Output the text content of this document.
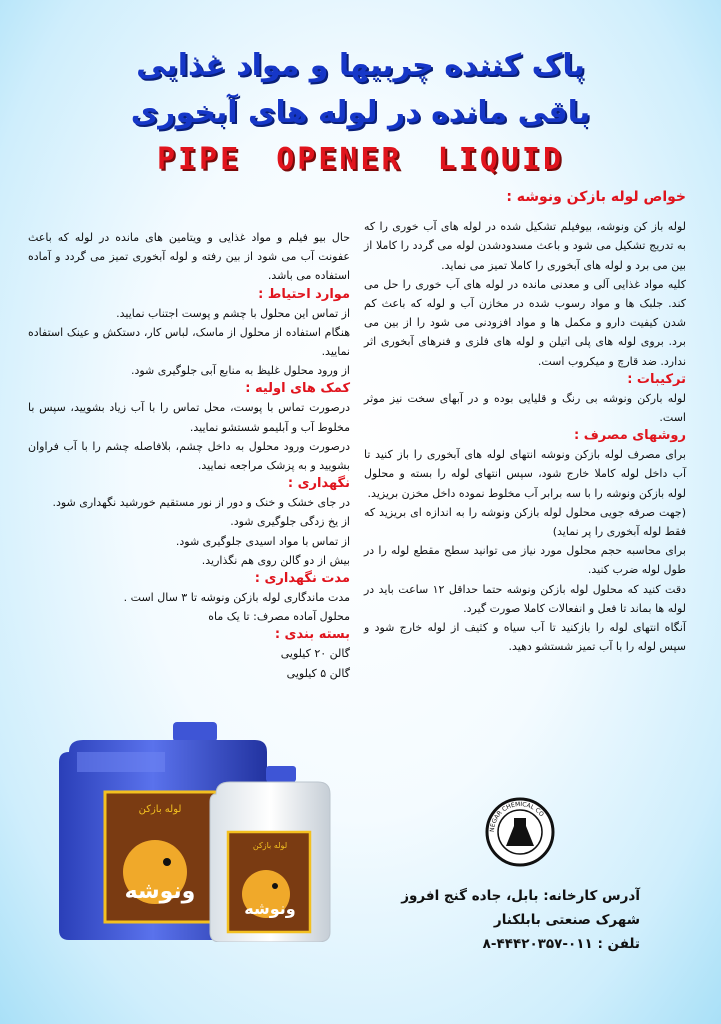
پاک کننده چربیها و مواد غذایی
باقی مانده در لوله های آبخوری
PIPE OPENER LIQUID
خواص لوله بازکن ونوشه :

لوله باز کن ونوشه، بیوفیلم تشکیل شده در لوله های آب خوری را که به تدریج تشکیل می شود و باعث مسدودشدن لوله می گردد را کاملا از بین می برد و لوله های آبخوری را کاملا تمیز می نماید.

کلیه مواد غذایی آلی و معدنی مانده در لوله های آب خوری را حل می کند. جلبک ها و مواد رسوب شده در مخازن آب و لوله که باعث کم شدن کیفیت دارو و مکمل ها و مواد افزودنی می شود را از بین می برد. بروی لوله های پلی اتیلن و لوله های فلزی و فنرهای آبخوری اثر ندارد. ضد قارچ و میکروب است.

ترکیبات :

لوله بارکن ونوشه بی رنگ و قلیایی بوده و در آبهای سخت نیز موثر است.

روشهای مصرف :

برای مصرف لوله بازکن ونوشه انتهای لوله های آبخوری را باز کنید تا آب داخل لوله کاملا خارج شود، سپس انتهای لوله را بسته و محلول لوله بازکن ونوشه را با سه برابر آب مخلوط نموده داخل مخزن بریزید.

(جهت صرفه جویی محلول لوله بازکن ونوشه را به اندازه ای بریزید که فقط لوله آبخوری را پر نماید)

برای محاسبه حجم محلول مورد نیاز می توانید سطح مقطع لوله را در طول لوله ضرب کنید.

دقت کنید که محلول لوله بازکن ونوشه حتما حداقل ۱۲ ساعت باید در لوله ها بماند تا فعل و انفعالات کاملا صورت گیرد.

آنگاه انتهای لوله را بازکنید تا آب سیاه و کثیف از لوله خارج شود و سپس لوله را با آب تمیز شستشو دهید.

حال بیو فیلم و مواد غذایی و ویتامین های مانده در لوله که باعث عفونت آب می شود از بین رفته و لوله آبخوری تمیز می گردد و آماده استفاده می باشد.

موارد احتیاط :

از تماس این محلول با چشم و پوست اجتناب نمایید.

هنگام استفاده از محلول از ماسک، لباس کار، دستکش و عینک استفاده نمایید.

از ورود محلول غلیظ به منابع آبی جلوگیری شود.

کمک های اولیه :

درصورت تماس با پوست، محل تماس را با آب زیاد بشویید، سپس با مخلوط آب و آبلیمو شستشو نمایید.

درصورت ورود محلول به داخل چشم، بلافاصله چشم را با آب فراوان بشویید و به پزشک مراجعه نمایید.

نگهداری :

در جای خشک و خنک و دور از نور مستقیم خورشید نگهداری شود.

از یخ زدگی جلوگیری شود.

از تماس با مواد اسیدی جلوگیری شود.

بیش از دو گالن روی هم نگذارید.

مدت نگهداری :

مدت ماندگاری لوله بازکن ونوشه تا ۳ سال است .

محلول آماده مصرف: تا یک ماه

بسته بندی :

گالن ۲۰ کیلویی

گالن ۵ کیلویی

ونوشه
لوله بازکن
ونوشه
لوله بازکن
NEGAR CHEMICAL CO
آدرس کارخانه: بابل، جاده گنج افروز
شهرک صنعتی بابلکنار
تلفن : ۰۱۱-۴۴۴۲۰۳۵۷-۸
